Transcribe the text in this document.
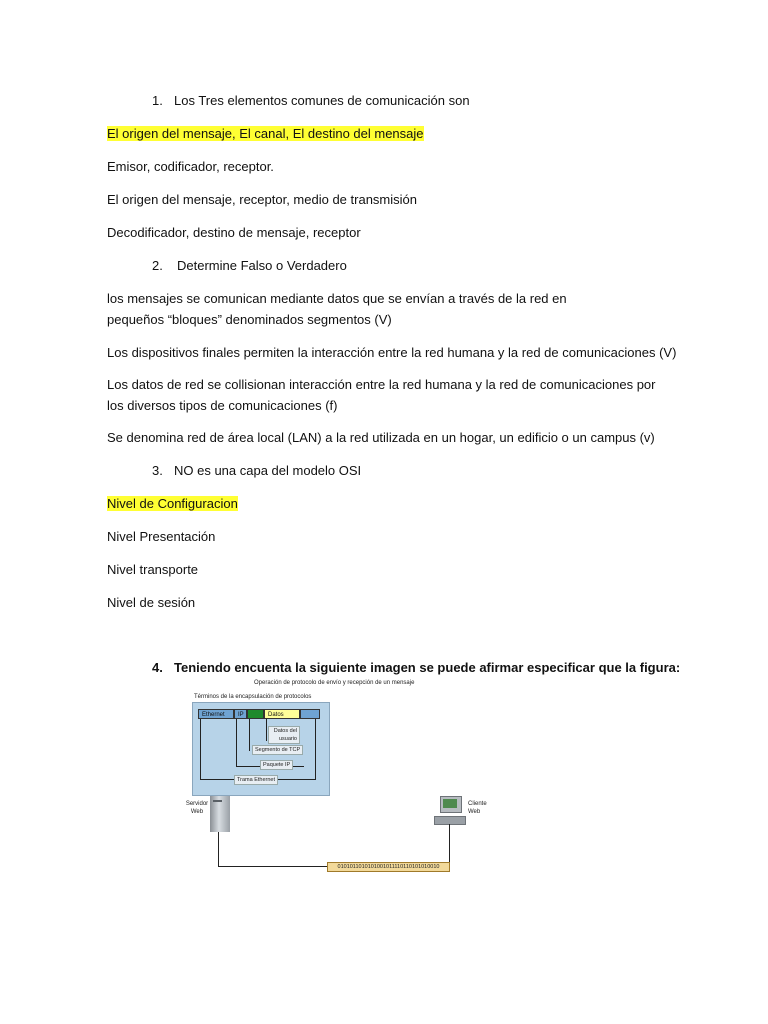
1. Los Tres elementos comunes de comunicación son

El origen del mensaje, El canal, El destino del mensaje

Emisor, codificador, receptor.

El origen del mensaje, receptor, medio de transmisión

Decodificador, destino de mensaje, receptor

2. Determine Falso o Verdadero

los mensajes se comunican mediante datos que se envían a través de la red en pequeños “bloques” denominados segmentos (V)

Los dispositivos finales permiten la interacción entre la red humana y la red de comunicaciones (V)

Los datos de red se collisionan interacción entre la red humana y la red de comunicaciones por los diversos tipos de comunicaciones (f)

Se denomina red de área local (LAN) a la red utilizada en un hogar, un edificio o un campus (v)

3. NO es una capa del modelo OSI

Nivel de Configuracion

Nivel Presentación

Nivel transporte

Nivel de sesión

4. Teniendo encuenta la siguiente imagen se puede afirmar especificar que la figura:

Operación de protocolo de envío y recepción de un mensaje
Términos de la encapsulación de protocolos
Ethernet	IP	TCP Datos
Datos del usuario
Segmento de TCP
Paquete IP
Trama Ethernet
Servidor Web
Cliente Web
0101011010101001011110110101010010
